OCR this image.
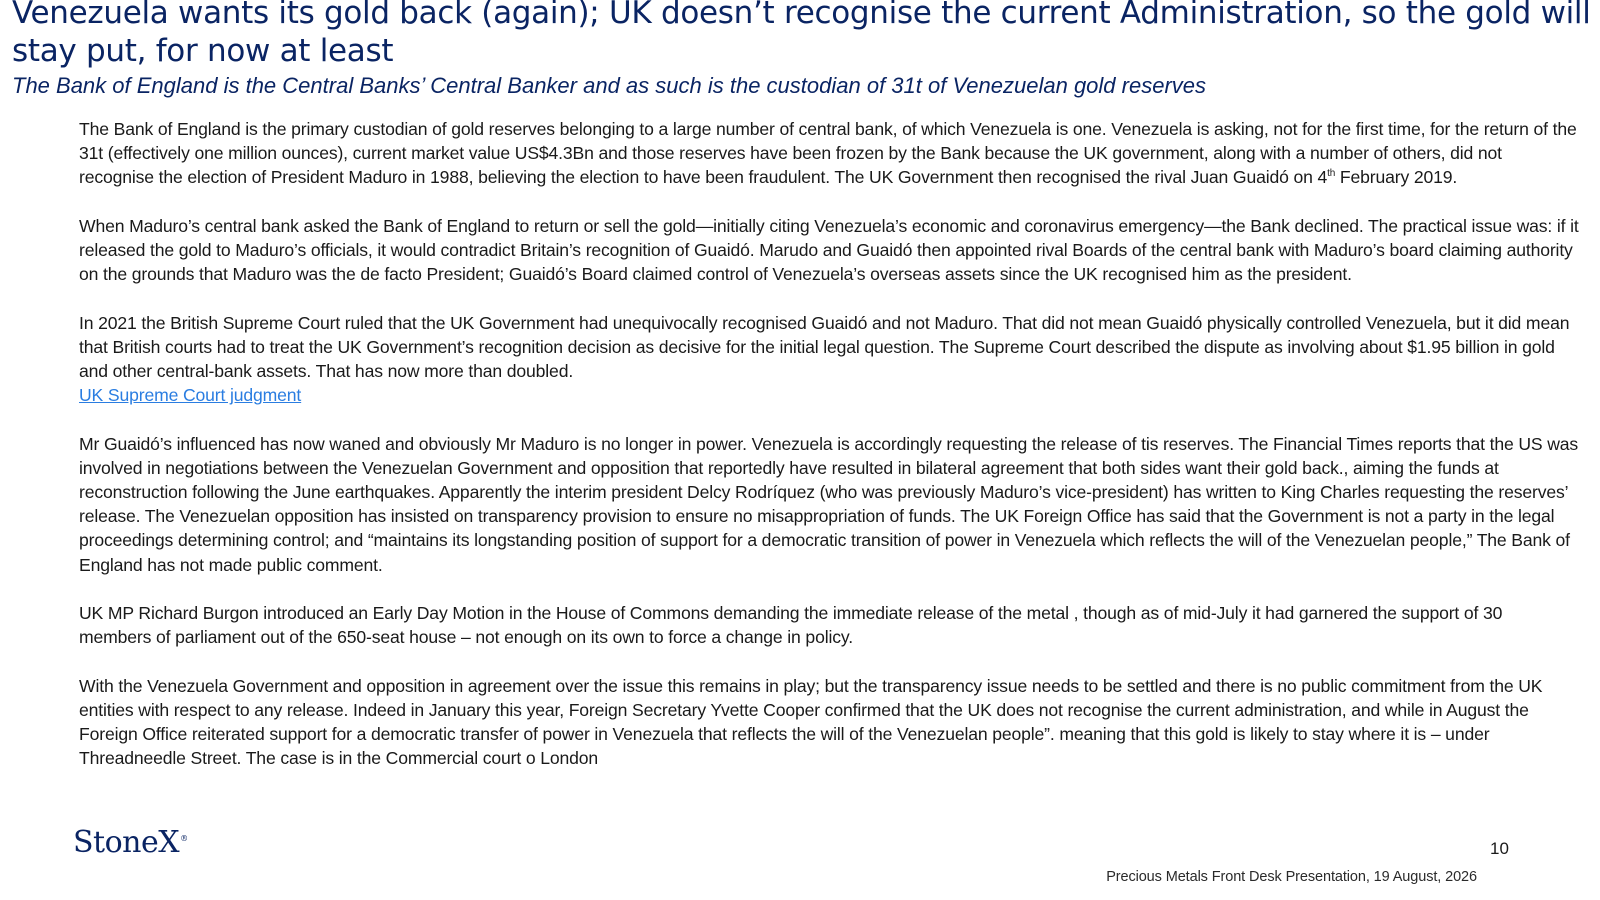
Venezuela wants its gold back (again); UK doesn’t recognise the current Administration, so the gold will stay put, for now at least
The Bank of England is the Central Banks’ Central Banker and as such is the custodian of 31t of Venezuelan gold reserves

The Bank of England is the primary custodian of gold reserves belonging to a large number of central bank, of which Venezuela is one. Venezuela is asking, not for the first time, for the return of the 31t (effectively one million ounces), current market value US$4.3Bn and those reserves have been frozen by the Bank because the UK government, along with a number of others, did not recognise the election of President Maduro in 1988, believing the election to have been fraudulent. The UK Government then recognised the rival Juan Guaidó on 4th February 2019.

When Maduro’s central bank asked the Bank of England to return or sell the gold—initially citing Venezuela’s economic and coronavirus emergency—the Bank declined. The practical issue was: if it released the gold to Maduro’s officials, it would contradict Britain’s recognition of Guaidó. Marudo and Guaidó then appointed rival Boards of the central bank with Maduro’s board claiming authority on the grounds that Maduro was the de facto President; Guaidó’s Board claimed control of Venezuela’s overseas assets since the UK recognised him as the president.

In 2021 the British Supreme Court ruled that the UK Government had unequivocally recognised Guaidó and not Maduro. That did not mean Guaidó physically controlled Venezuela, but it did mean that British courts had to treat the UK Government’s recognition decision as decisive for the initial legal question. The Supreme Court described the dispute as involving about $1.95 billion in gold and other central-bank assets. That has now more than doubled.
UK Supreme Court judgment

Mr Guaidó’s influenced has now waned and obviously Mr Maduro is no longer in power. Venezuela is accordingly requesting the release of tis reserves. The Financial Times reports that the US was involved in negotiations between the Venezuelan Government and opposition that reportedly have resulted in bilateral agreement that both sides want their gold back., aiming the funds at reconstruction following the June earthquakes. Apparently the interim president Delcy Rodríquez (who was previously Maduro’s vice-president) has written to King Charles requesting the reserves’ release. The Venezuelan opposition has insisted on transparency provision to ensure no misappropriation of funds. The UK Foreign Office has said that the Government is not a party in the legal proceedings determining control; and “maintains its longstanding position of support for a democratic transition of power in Venezuela which reflects the will of the Venezuelan people,” The Bank of England has not made public comment.

UK MP Richard Burgon introduced an Early Day Motion in the House of Commons demanding the immediate release of the metal , though as of mid-July it had garnered the support of 30 members of parliament out of the 650-seat house – not enough on its own to force a change in policy.

With the Venezuela Government and opposition in agreement over the issue this remains in play; but the transparency issue needs to be settled and there is no public commitment from the UK entities with respect to any release. Indeed in January this year, Foreign Secretary Yvette Cooper confirmed that the UK does not recognise the current administration, and while in August the Foreign Office reiterated support for a democratic transfer of power in Venezuela that reflects the will of the Venezuelan people”. meaning that this gold is likely to stay where it is – under Threadneedle Street. The case is in the Commercial court o London

StoneX®
10
Precious Metals Front Desk Presentation, 19 August, 2026
